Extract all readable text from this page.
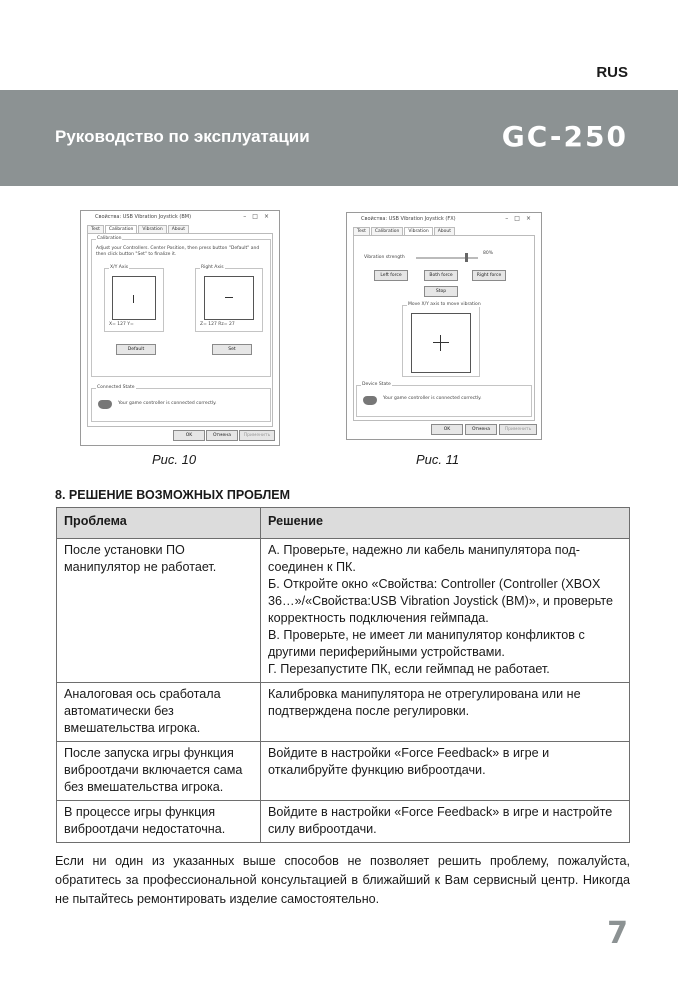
RUS
Руководство по эксплуатации	GC-250
Свойства: USB Vibration Joystick (BM)	–□×
Test	Calibration	Vibration	About
Calibration
Adjust your Controllers. Center Position, then press button "Default" and then click button "Set" to finalize it.
X/Y Axis
X= 127 Y=
Right Axis
Z= 127 Rz= 27
Default	Set
Connected State
Your game controller is connected correctly.
OK	Отмена	Применить
Рис. 10
Свойства: USB Vibration Joystick (FX)	–□×
Test	Calibration	Vibration	About
Vibration strength
80%
Left force	Both force	Right force
Stop
Move X/Y axis to move vibration
Device State
Your game controller is connected correctly.
OK	Отмена	Применить
Рис. 11
8. РЕШЕНИЕ ВОЗМОЖНЫХ ПРОБЛЕМ
Проблема	Решение
После установки ПО манипулятор не работает.	А. Проверьте, надежно ли кабель манипулятора под-соединен к ПК.
Б. Откройте окно «Свойства: Controller (Controller (XBOX 36…»/«Свойства:USB Vibration Joystick (BM)», и проверьте корректность подключения геймпада.
В. Проверьте, не имеет ли манипулятор конфликтов с другими периферийными устройствами.
Г. Перезапустите ПК, если геймпад не работает.

Аналоговая ось сработала автоматически без вмешательства игрока.	Калибровка манипулятора не отрегулирована или не подтверждена после регулировки.

После запуска игры функция виброотдачи включается сама без вмешательства игрока.	Войдите в настройки «Force Feedback» в игре и откалибруйте функцию виброотдачи.

В процессе игры функция виброотдачи недостаточна.	Войдите в настройки «Force Feedback» в игре и настройте силу виброотдачи.
Если ни один из указанных выше способов не позволяет решить проблему, пожалуйста, обратитесь за профессиональной консультацией в ближайший к Вам сервисный центр. Никогда не пытайтесь ремонтировать изделие самостоятельно.
7
